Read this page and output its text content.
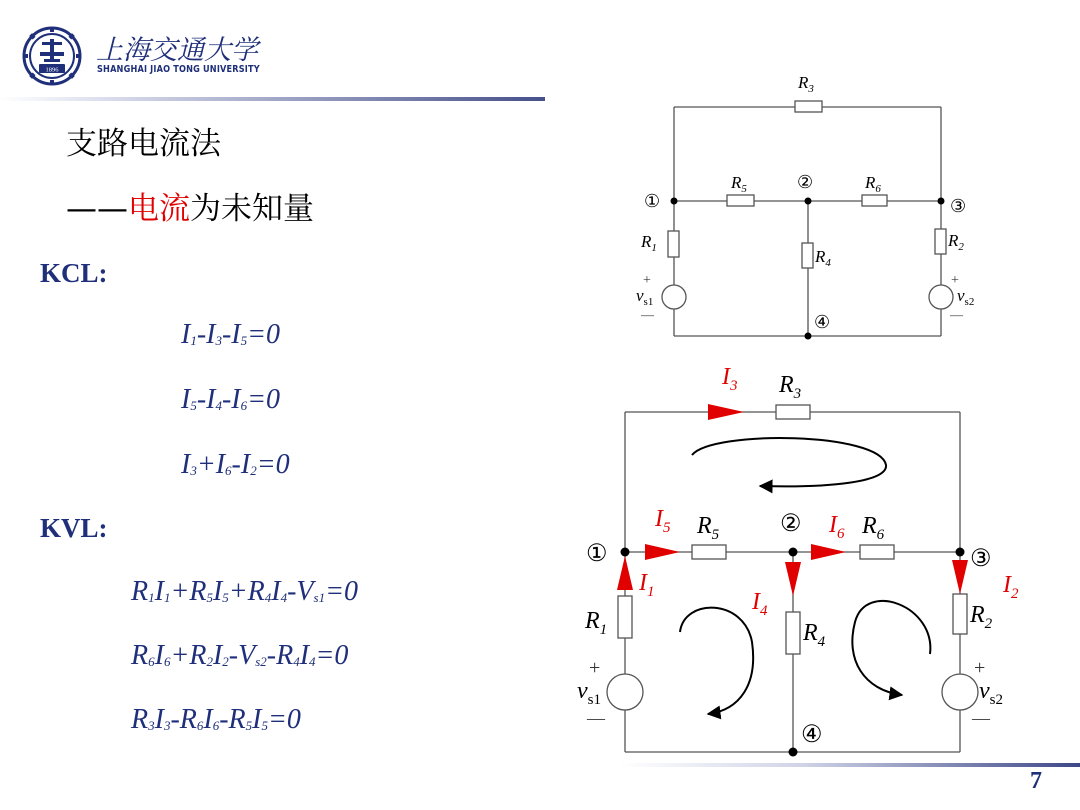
1896
上海交通大学
SHANGHAI JIAO TONG UNIVERSITY
支路电流法
——电流为未知量
KCL:
$I_1-I_3-I_5=0$
$I_5-I_4-I_6=0$
$I_3+I_6-I_2=0$
KVL:
$R_1I_1+R_5I_5+R_4I_4-V_{s1}=0$
$R_6I_6+R_2I_2-V_{s2}-R_4I_4=0$
$R_3I_3-R_6I_6-R_5I_5=0$
$R_3$
$R_5$	$R_6$
$R_1$	$R_4$
$R_2$
$v_{s1}$	$v_{s2}$
①
②
③
④
+
—
+
—
$R_3$
$R_5$	$R_6$
$R_1$	$R_4$
$R_2$
$v_{s1}$	$v_{s2}$
$I_3$
$I_5$	$I_6$
$I_1$	$I_4$
$I_2$
①
②
③
④
+
—
+
—
7
